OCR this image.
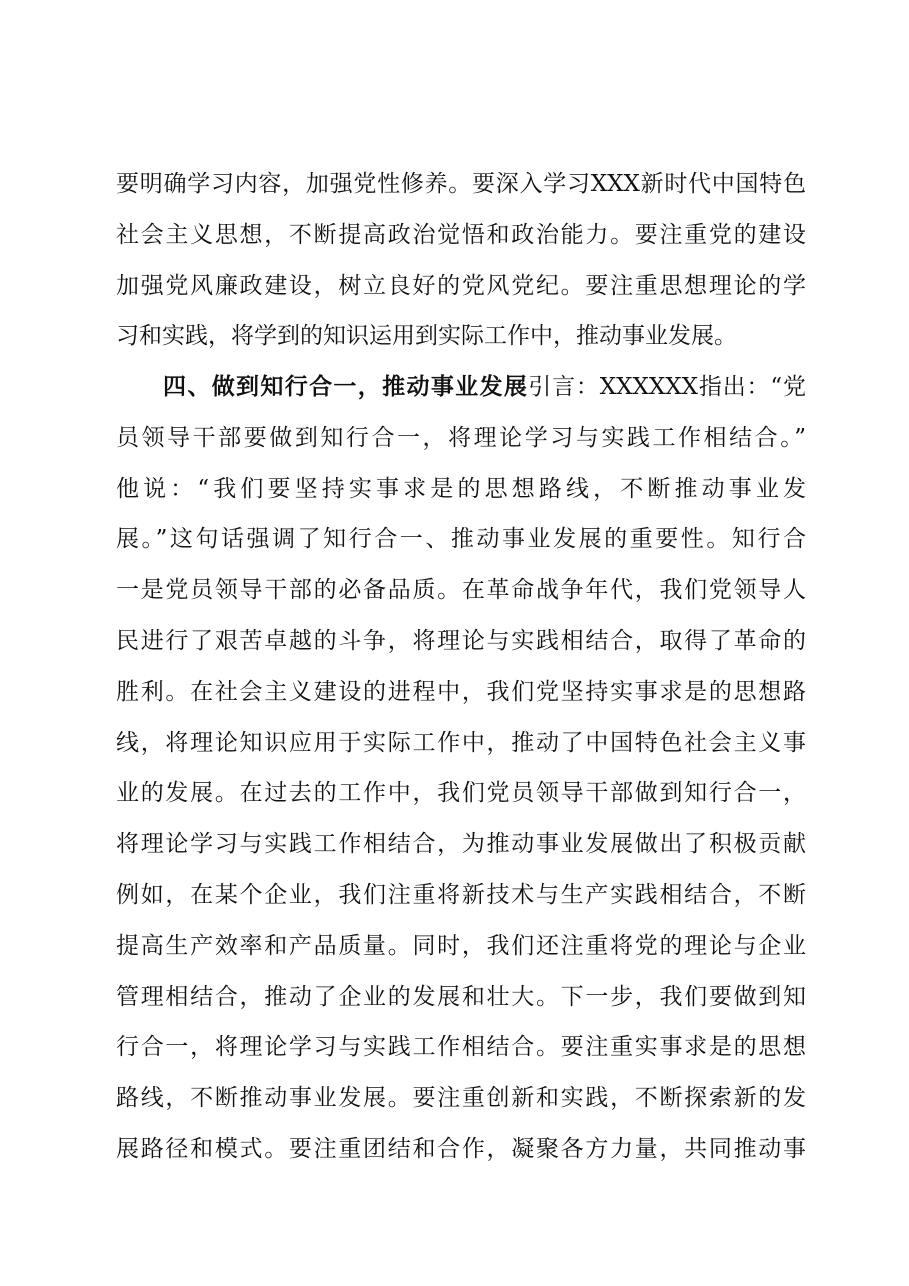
要明确学习内容，加强党性修养。要深入学习XXX新时代中国特色
社会主义思想，不断提高政治觉悟和政治能力。要注重党的建设
加强党风廉政建设，树立良好的党风党纪。要注重思想理论的学
习和实践，将学到的知识运用到实际工作中，推动事业发展。
四、做到知行合一，推动事业发展引言：XXXXXX指出：“党
员领导干部要做到知行合一，将理论学习与实践工作相结合。”
他说：“我们要坚持实事求是的思想路线，不断推动事业发
展。”这句话强调了知行合一、推动事业发展的重要性。知行合
一是党员领导干部的必备品质。在革命战争年代，我们党领导人
民进行了艰苦卓越的斗争，将理论与实践相结合，取得了革命的
胜利。在社会主义建设的进程中，我们党坚持实事求是的思想路
线，将理论知识应用于实际工作中，推动了中国特色社会主义事
业的发展。在过去的工作中，我们党员领导干部做到知行合一，
将理论学习与实践工作相结合，为推动事业发展做出了积极贡献
例如，在某个企业，我们注重将新技术与生产实践相结合，不断
提高生产效率和产品质量。同时，我们还注重将党的理论与企业
管理相结合，推动了企业的发展和壮大。下一步，我们要做到知
行合一，将理论学习与实践工作相结合。要注重实事求是的思想
路线，不断推动事业发展。要注重创新和实践，不断探索新的发
展路径和模式。要注重团结和合作，凝聚各方力量，共同推动事
